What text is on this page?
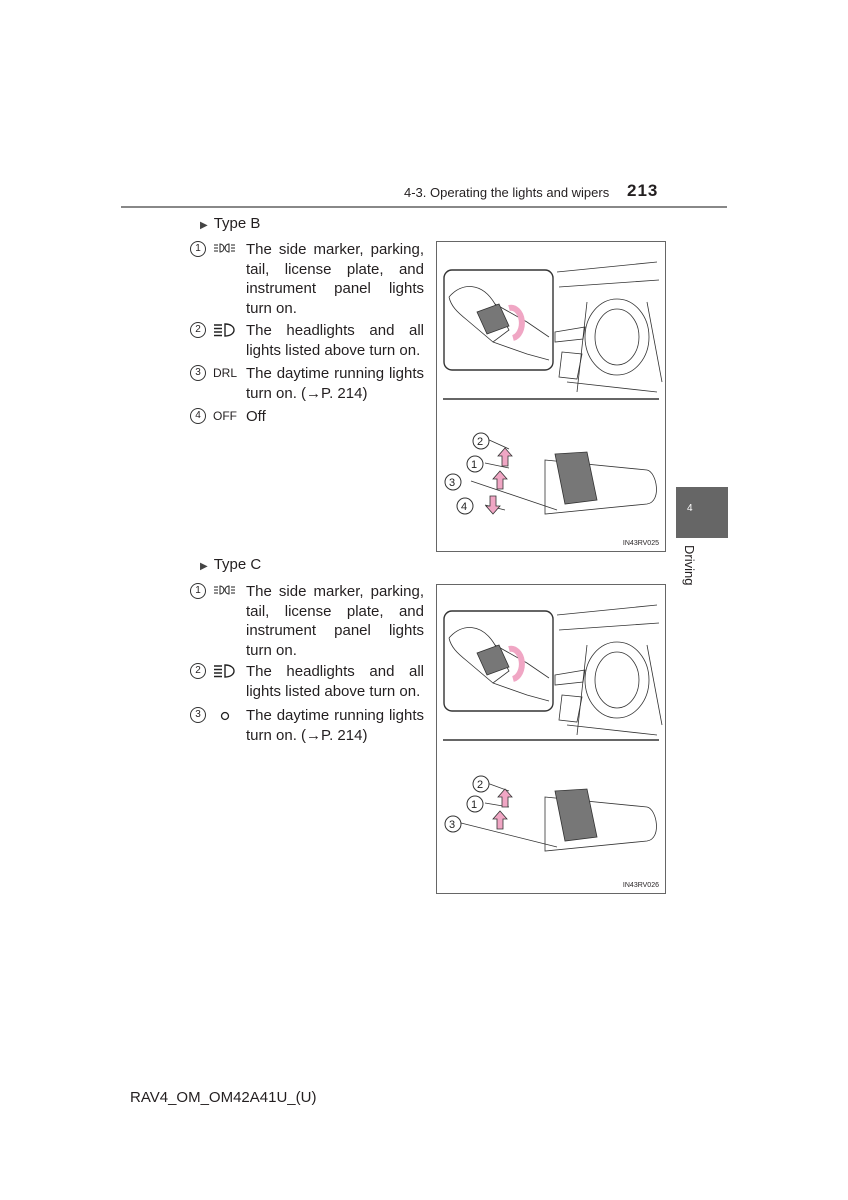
4-3. Operating the lights and wipers 213
4
Driving
▶ Type B
1	The side marker, parking, tail, license plate, and instrument panel lights turn on.
2	The headlights and all lights listed above turn on.
3	DRL The daytime running lights turn on. (→P. 214)
4	OFF Off
2
1
3
4
IN43RV025
▶ Type C
1	The side marker, parking, tail, license plate, and instrument panel lights turn on.
2	The headlights and all lights listed above turn on.
3	The daytime running lights turn on. (→P. 214)
2
1
3
IN43RV026
RAV4_OM_OM42A41U_(U)
